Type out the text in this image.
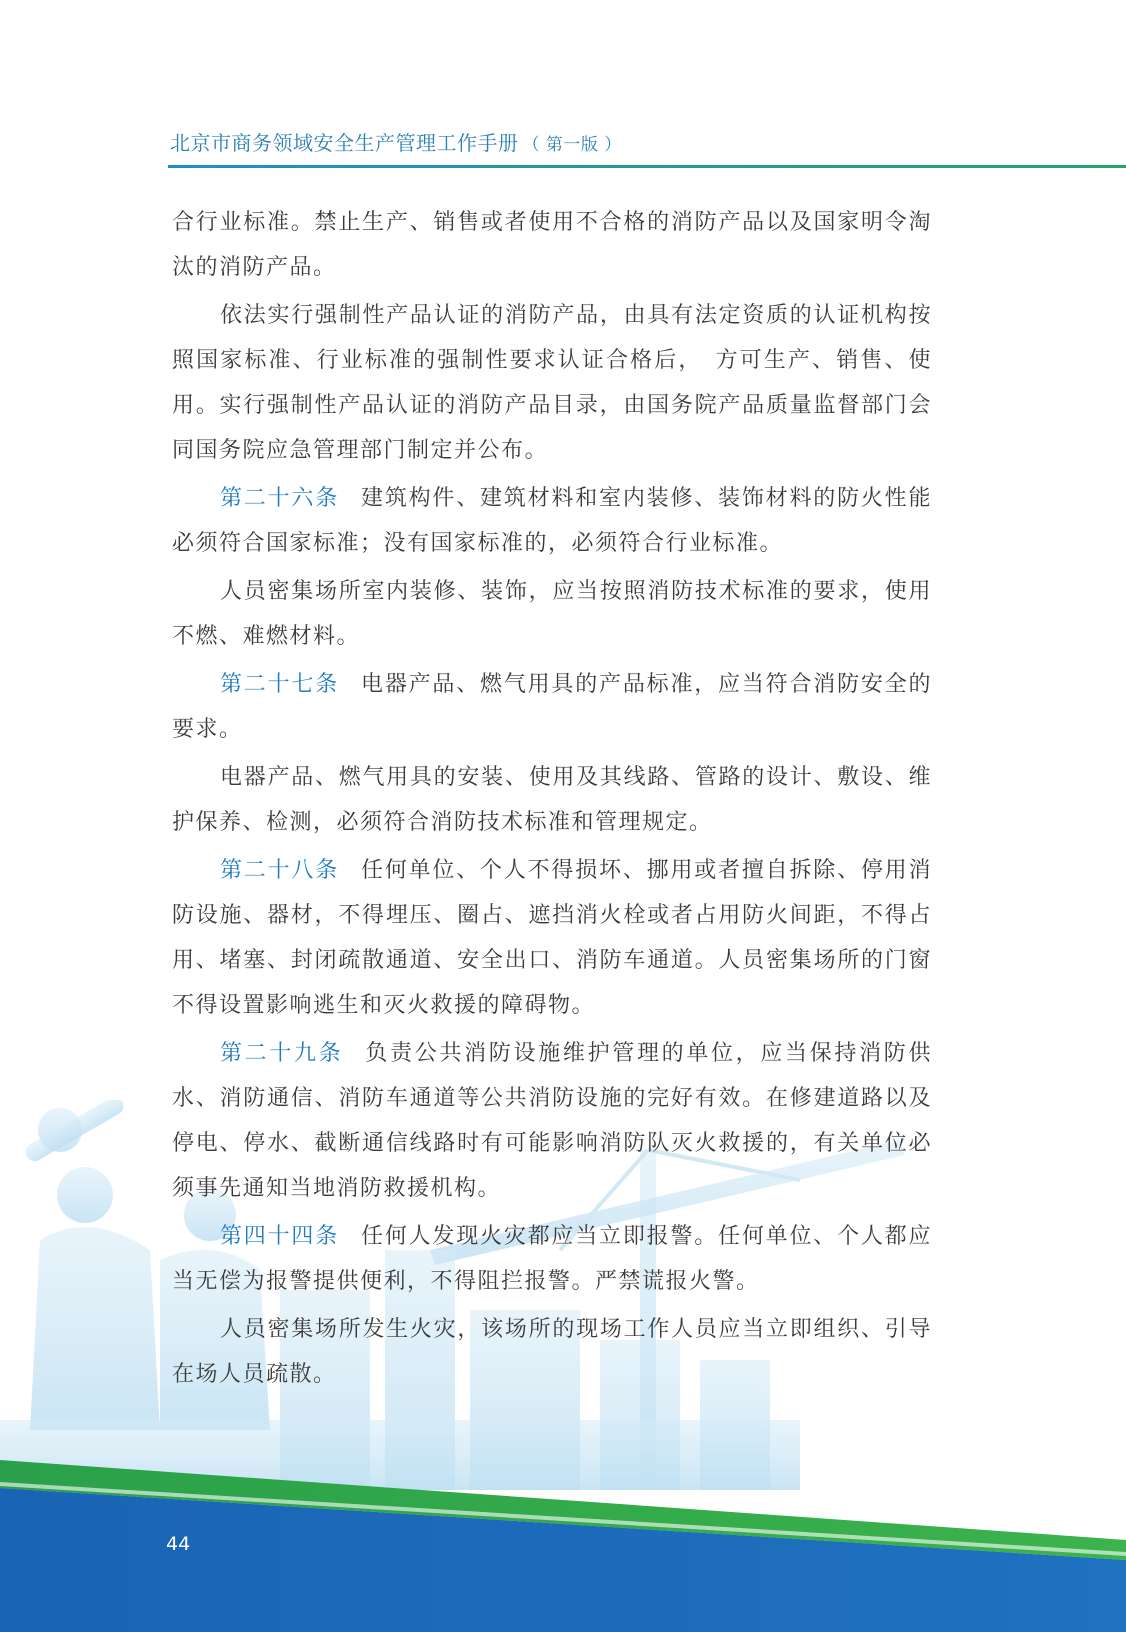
北京市商务领域安全生产管理工作手册 （ 第一版 ）

合行业标准。禁止生产、销售或者使用不合格的消防产品以及国家明令淘汰的消防产品。

依法实行强制性产品认证的消防产品，由具有法定资质的认证机构按照国家标准、行业标准的强制性要求认证合格后，　方可生产、销售、使用。实行强制性产品认证的消防产品目录，由国务院产品质量监督部门会同国务院应急管理部门制定并公布。

第二十六条 建筑构件、建筑材料和室内装修、装饰材料的防火性能必须符合国家标准；没有国家标准的，必须符合行业标准。

人员密集场所室内装修、装饰，应当按照消防技术标准的要求，使用不燃、难燃材料。

第二十七条 电器产品、燃气用具的产品标准，应当符合消防安全的要求。

电器产品、燃气用具的安装、使用及其线路、管路的设计、敷设、维护保养、检测，必须符合消防技术标准和管理规定。

第二十八条 任何单位、个人不得损坏、挪用或者擅自拆除、停用消防设施、器材，不得埋压、圈占、遮挡消火栓或者占用防火间距，不得占用、堵塞、封闭疏散通道、安全出口、消防车通道。人员密集场所的门窗不得设置影响逃生和灭火救援的障碍物。

第二十九条 负责公共消防设施维护管理的单位，应当保持消防供水、消防通信、消防车通道等公共消防设施的完好有效。在修建道路以及停电、停水、截断通信线路时有可能影响消防队灭火救援的，有关单位必须事先通知当地消防救援机构。

第四十四条 任何人发现火灾都应当立即报警。任何单位、个人都应当无偿为报警提供便利，不得阻拦报警。严禁谎报火警。

人员密集场所发生火灾，该场所的现场工作人员应当立即组织、引导在场人员疏散。

44
